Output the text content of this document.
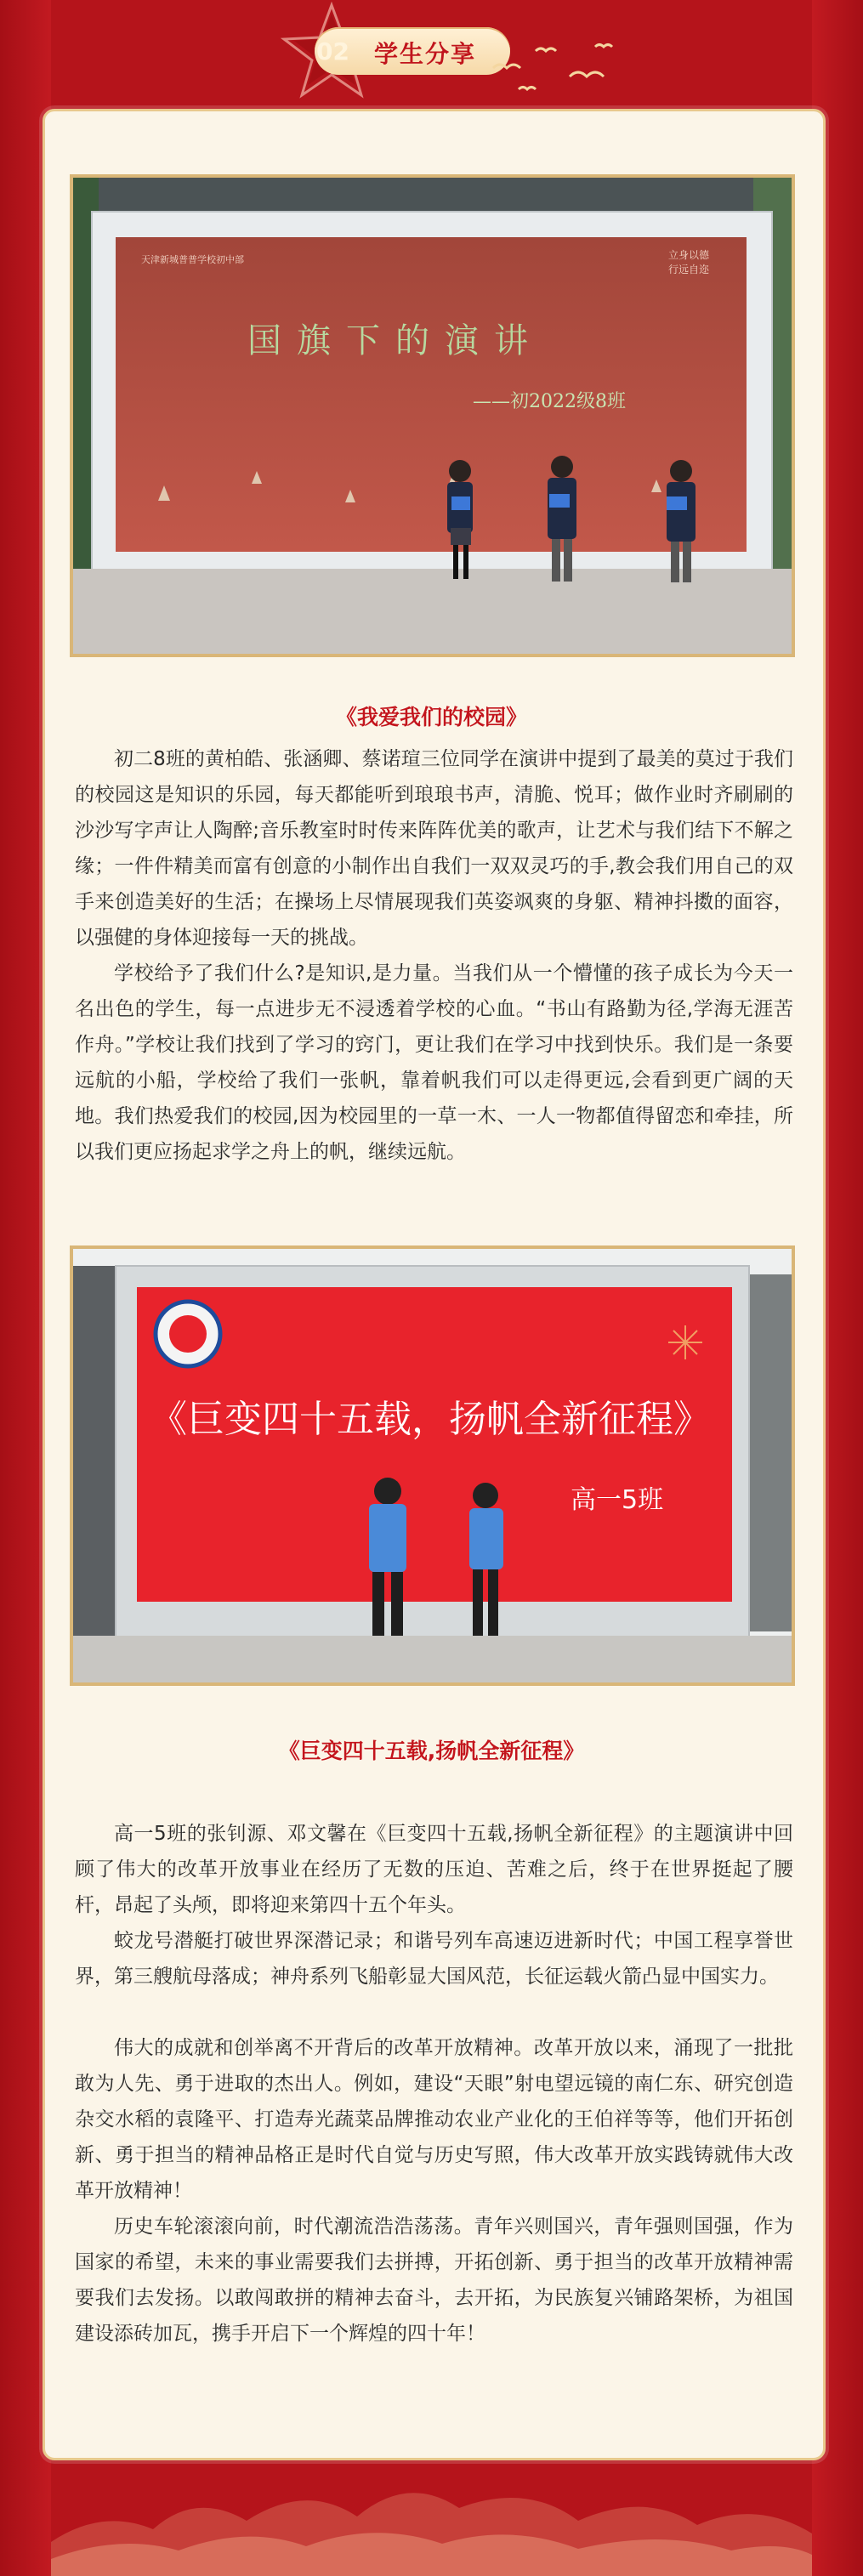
02 学生分享
天津新城普普学校初中部	立身以德
行远自迩
国旗下的演讲
——初2022级8班
《我爱我们的校园》

初二8班的黄柏皓、张涵卿、蔡诺瑄三位同学在演讲中提到了最美的莫过于我们的校园这是知识的乐园，每天都能听到琅琅书声，清脆、悦耳；做作业时齐刷刷的沙沙写字声让人陶醉;音乐教室时时传来阵阵优美的歌声，让艺术与我们结下不解之缘；一件件精美而富有创意的小制作出自我们一双双灵巧的手,教会我们用自己的双手来创造美好的生活；在操场上尽情展现我们英姿飒爽的身躯、精神抖擞的面容，以强健的身体迎接每一天的挑战。

学校给予了我们什么?是知识,是力量。当我们从一个懵懂的孩子成长为今天一名出色的学生，每一点进步无不浸透着学校的心血。“书山有路勤为径,学海无涯苦作舟。”学校让我们找到了学习的窍门，更让我们在学习中找到快乐。我们是一条要远航的小船，学校给了我们一张帆，靠着帆我们可以走得更远,会看到更广阔的天地。我们热爱我们的校园,因为校园里的一草一木、一人一物都值得留恋和牵挂，所以我们更应扬起求学之舟上的帆，继续远航。

《巨变四十五载，扬帆全新征程》
高一5班
《巨变四十五载,扬帆全新征程》

高一5班的张钊源、邓文馨在《巨变四十五载,扬帆全新征程》的主题演讲中回顾了伟大的改革开放事业在经历了无数的压迫、苦难之后，终于在世界挺起了腰杆，昂起了头颅，即将迎来第四十五个年头。

蛟龙号潜艇打破世界深潜记录；和谐号列车高速迈进新时代；中国工程享誉世界，第三艘航母落成；神舟系列飞船彰显大国风范，长征运载火箭凸显中国实力。

伟大的成就和创举离不开背后的改革开放精神。改革开放以来，涌现了一批批敢为人先、勇于进取的杰出人。例如，建设“天眼”射电望远镜的南仁东、研究创造杂交水稻的袁隆平、打造寿光蔬菜品牌推动农业产业化的王伯祥等等，他们开拓创新、勇于担当的精神品格正是时代自觉与历史写照，伟大改革开放实践铸就伟大改革开放精神！

历史车轮滚滚向前，时代潮流浩浩荡荡。青年兴则国兴，青年强则国强，作为国家的希望，未来的事业需要我们去拼搏，开拓创新、勇于担当的改革开放精神需要我们去发扬。以敢闯敢拼的精神去奋斗，去开拓，为民族复兴铺路架桥，为祖国建设添砖加瓦，携手开启下一个辉煌的四十年！
